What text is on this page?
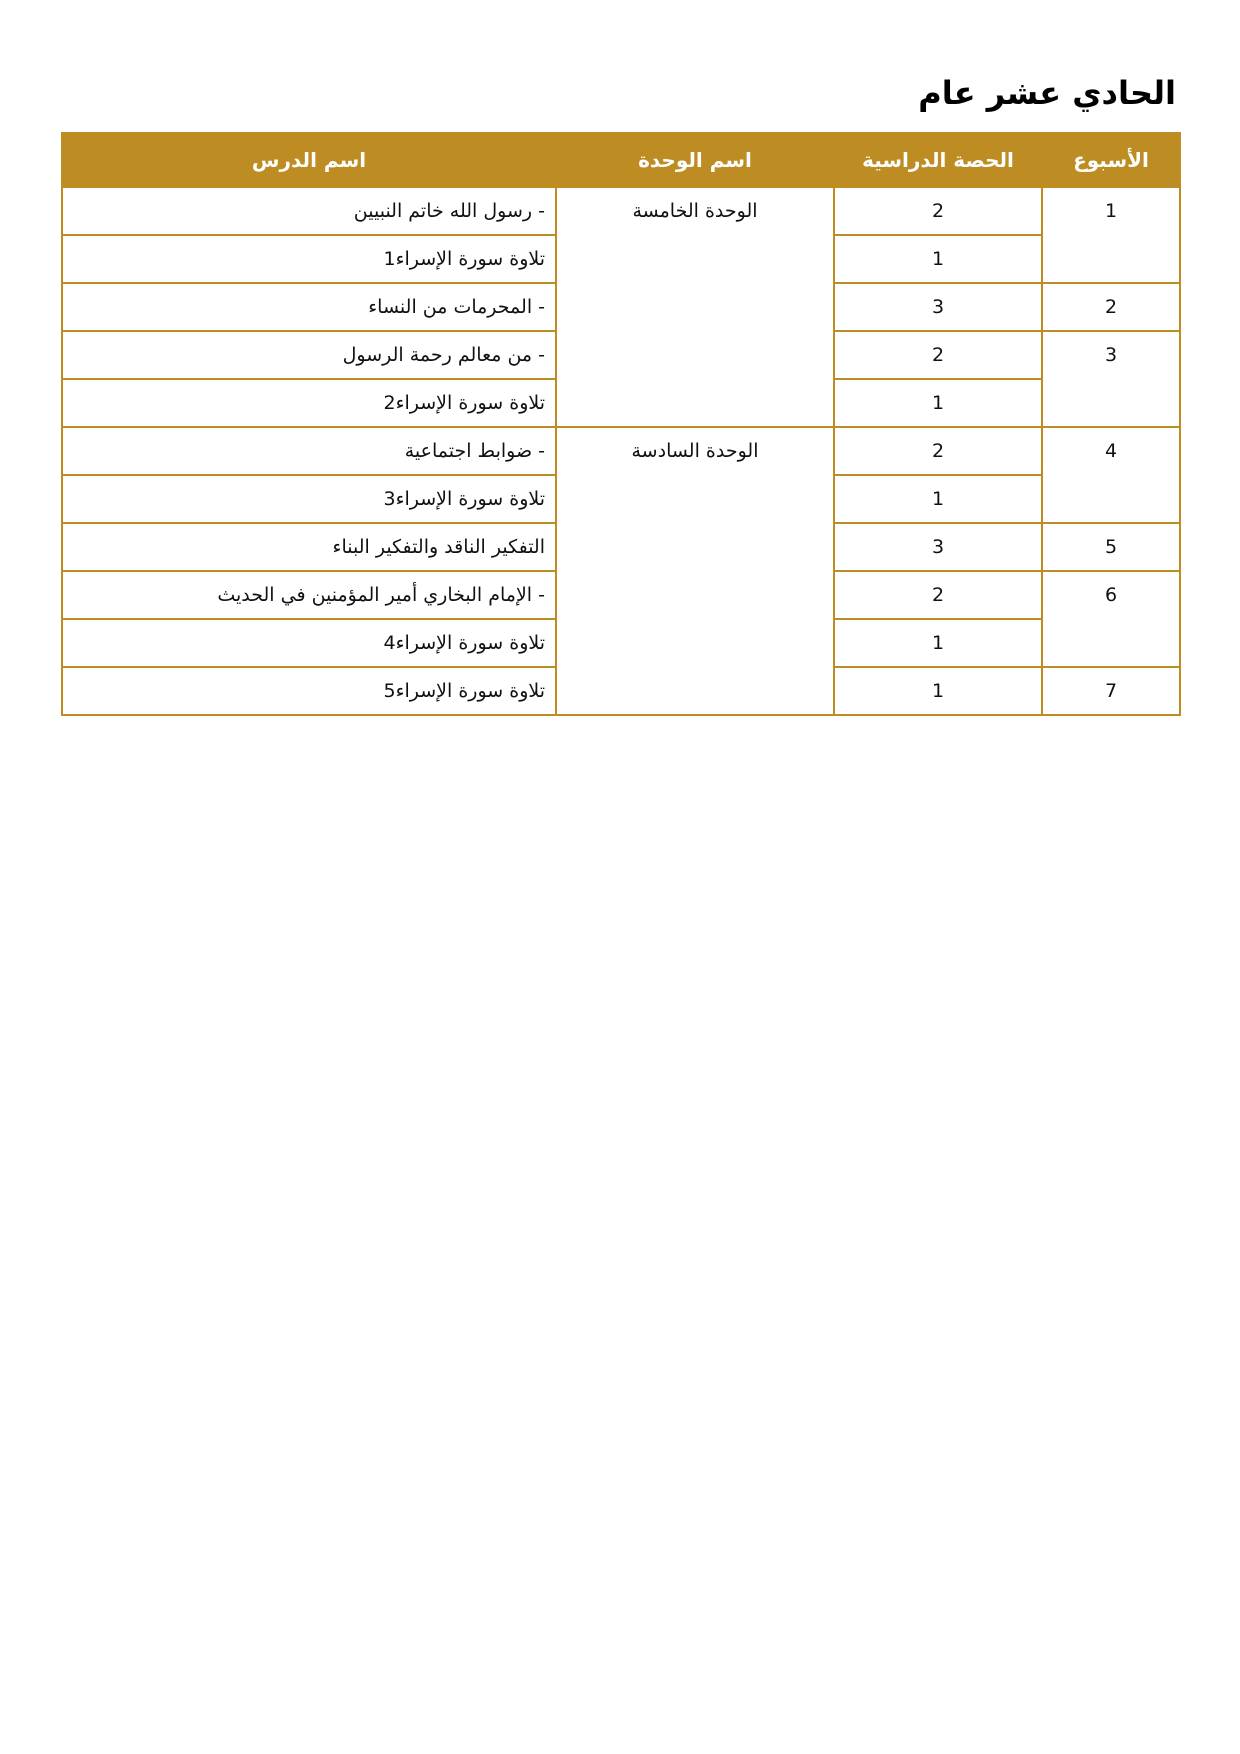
الحادي عشر عام
الأسبوع	الحصة الدراسية	اسم الوحدة	اسم الدرس
1	2	الوحدة الخامسة	- رسول الله خاتم النبيين
	1		تلاوة سورة الإسراء1
2	3		- المحرمات من النساء
3	2		- من معالم رحمة الرسول
	1		تلاوة سورة الإسراء2
4	2	الوحدة السادسة	- ضوابط اجتماعية
	1		تلاوة سورة الإسراء3
5	3		التفكير الناقد والتفكير البناء
6	2		- الإمام البخاري أمير المؤمنين في الحديث
	1		تلاوة سورة الإسراء4
7	1		تلاوة سورة الإسراء5
